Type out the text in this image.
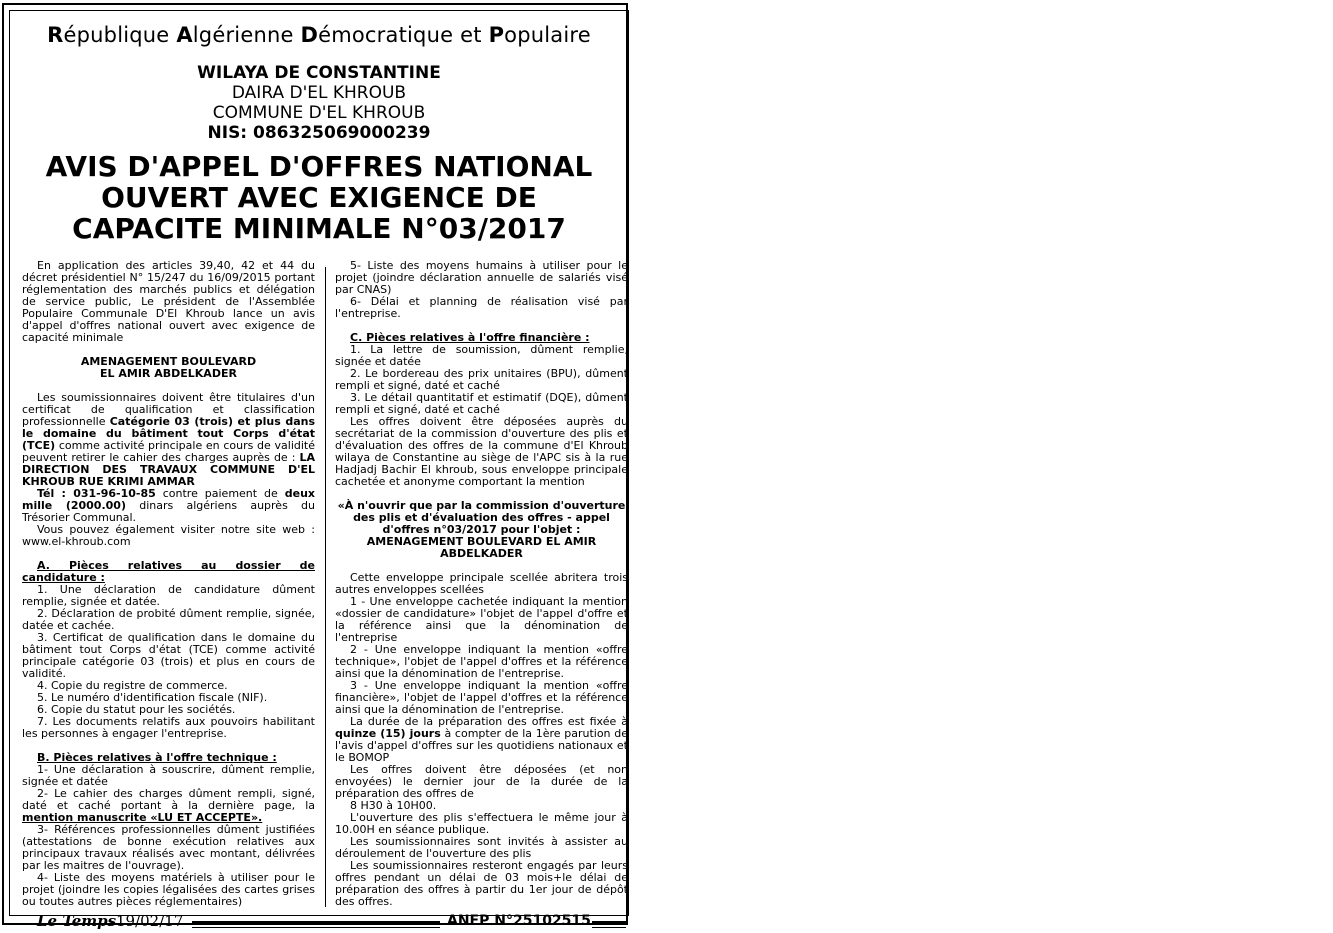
République Algérienne Démocratique et Populaire
WILAYA DE CONSTANTINE
DAIRA D'EL KHROUB
COMMUNE D'EL KHROUB
NIS: 08632506900023​9
AVIS D'APPEL D'OFFRES NATIONAL
OUVERT AVEC EXIGENCE DE
CAPACITE MINIMALE N°03/2017

En application des articles 39,40, 42 et 44 du décret présidentiel N° 15/247 du 16/09/2015 portant réglementation des marchés publics et délégation de service public, Le président de l'Assemblée Populaire Communale D'El Khroub lance un avis d'appel d'offres national ouvert avec exigence de capacité minimale

AMENAGEMENT BOULEVARD

EL AMIR ABDELKADER

Les soumissionnaires doivent être titulaires d'un certificat de qualification et classification professionnelle Catégorie 03 (trois) et plus dans le domaine du bâtiment tout Corps d'état (TCE) comme activité principale en cours de validité peuvent retirer le cahier des charges auprès de : LA DIRECTION DES TRAVAUX COMMUNE D'EL KHROUB RUE KRIMI AMMAR

Tél : 031-96-10-85 contre paiement de deux mille (2000.00) dinars algériens auprès du Trésorier Communal.

Vous pouvez également visiter notre site web : www.el-khroub.com

A. Pièces relatives au dossier de candidature :

1. Une déclaration de candidature dûment remplie, signée et datée.

2. Déclaration de probité dûment remplie, signée, datée et cachée.

3. Certificat de qualification dans le domaine du bâtiment tout Corps d'état (TCE) comme activité principale catégorie 03 (trois) et plus en cours de validité.

4. Copie du registre de commerce.

5. Le numéro d'identification fiscale (NIF).

6. Copie du statut pour les sociétés.

7. Les documents relatifs aux pouvoirs habilitant les personnes à engager l'entreprise.

B. Pièces relatives à l'offre technique :

1- Une déclaration à souscrire, dûment remplie, signée et datée

2- Le cahier des charges dûment rempli, signé, daté et caché portant à la dernière page, la mention manuscrite «LU ET ACCEPTE».

3- Références professionnelles dûment justifiées (attestations de bonne exécution relatives aux principaux travaux réalisés avec montant, délivrées par les maitres de l'ouvrage).

4- Liste des moyens matériels à utiliser pour le projet (joindre les copies légalisées des cartes grises ou toutes autres pièces réglementaires)

5- Liste des moyens humains à utiliser pour le projet (joindre déclaration annuelle de salariés visé par CNAS)

6- Délai et planning de réalisation visé par l'entreprise.

C. Pièces relatives à l'offre financière :

1. La lettre de soumission, dûment remplie, signée et datée

2. Le bordereau des prix unitaires (BPU), dûment rempli et signé, daté et caché

3. Le détail quantitatif et estimatif (DQE), dûment rempli et signé, daté et caché

Les offres doivent être déposées auprès du secrétariat de la commission d'ouverture des plis et d'évaluation des offres de la commune d'El Khroub wilaya de Constantine au siège de l'APC sis à la rue Hadjadj Bachir El khroub, sous enveloppe principale cachetée et anonyme comportant la mention

«À n'ouvrir que par la commission d'ouverture des plis et d'évaluation des offres - appel d'offres n°03/2017 pour l'objet : AMENAGEMENT BOULEVARD EL AMIR ABDELKADER

Cette enveloppe principale scellée abritera trois autres enveloppes scellées

1 - Une enveloppe cachetée indiquant la mention «dossier de candidature» l'objet de l'appel d'offre et la référence ainsi que la dénomination de l'entreprise

2 - Une enveloppe indiquant la mention «offre technique», l'objet de l'appel d'offres et la référence ainsi que la dénomination de l'entreprise.

3 - Une enveloppe indiquant la mention «offre financière», l'objet de l'appel d'offres et la référence ainsi que la dénomination de l'entreprise.

La durée de la préparation des offres est fixée à quinze (15) jours à compter de la 1ère parution de l'avis d'appel d'offres sur les quotidiens nationaux et le BOMOP

Les offres doivent être déposées (et non envoyées) le dernier jour de la durée de la préparation des offres de

8 H30 à 10H00.

L'ouverture des plis s'effectuera le même jour à 10.00H en séance publique.

Les soumissionnaires sont invités à assister au déroulement de l'ouverture des plis

Les soumissionnaires resteront engagés par leurs offres pendant un délai de 03 mois+le délai de préparation des offres à partir du 1er jour de dépôt des offres.

Le Temps 19/02/17	ANEP N°25102515
